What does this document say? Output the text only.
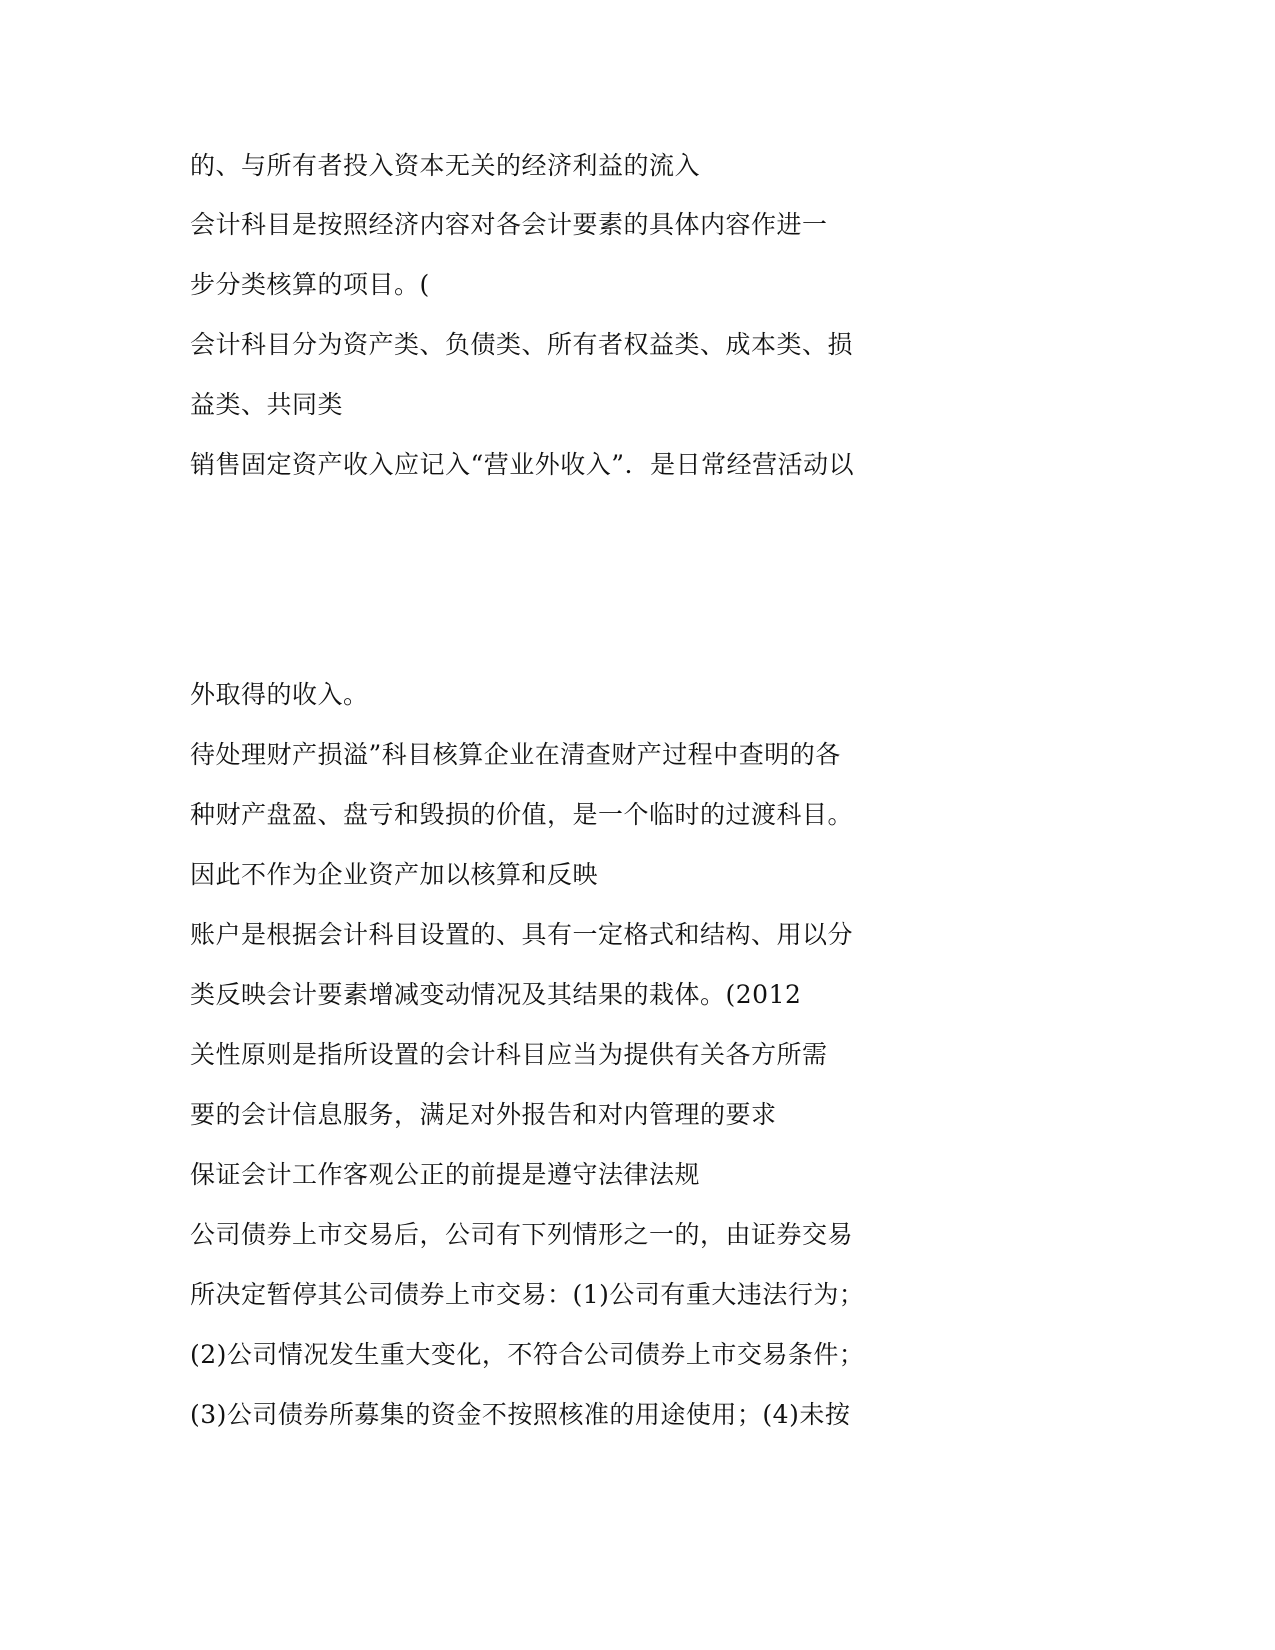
的、与所有者投入资本无关的经济利益的流入
会计科目是按照经济内容对各会计要素的具体内容作进一
步分类核算的项目。(
会计科目分为资产类、负债类、所有者权益类、成本类、损
益类、共同类
销售固定资产收入应记入“营业外收入”．是日常经营活动以
外取得的收入。
待处理财产损溢”科目核算企业在清查财产过程中查明的各
种财产盘盈、盘亏和毁损的价值，是一个临时的过渡科目。
因此不作为企业资产加以核算和反映
账户是根据会计科目设置的、具有一定格式和结构、用以分
类反映会计要素增减变动情况及其结果的栽体。(2012
关性原则是指所设置的会计科目应当为提供有关各方所需
要的会计信息服务，满足对外报告和对内管理的要求
保证会计工作客观公正的前提是遵守法律法规
公司债券上市交易后，公司有下列情形之一的，由证券交易
所决定暂停其公司债券上市交易：(1)公司有重大违法行为；
(2)公司情况发生重大变化，不符合公司债券上市交易条件；
(3)公司债券所募集的资金不按照核准的用途使用；(4)未按
